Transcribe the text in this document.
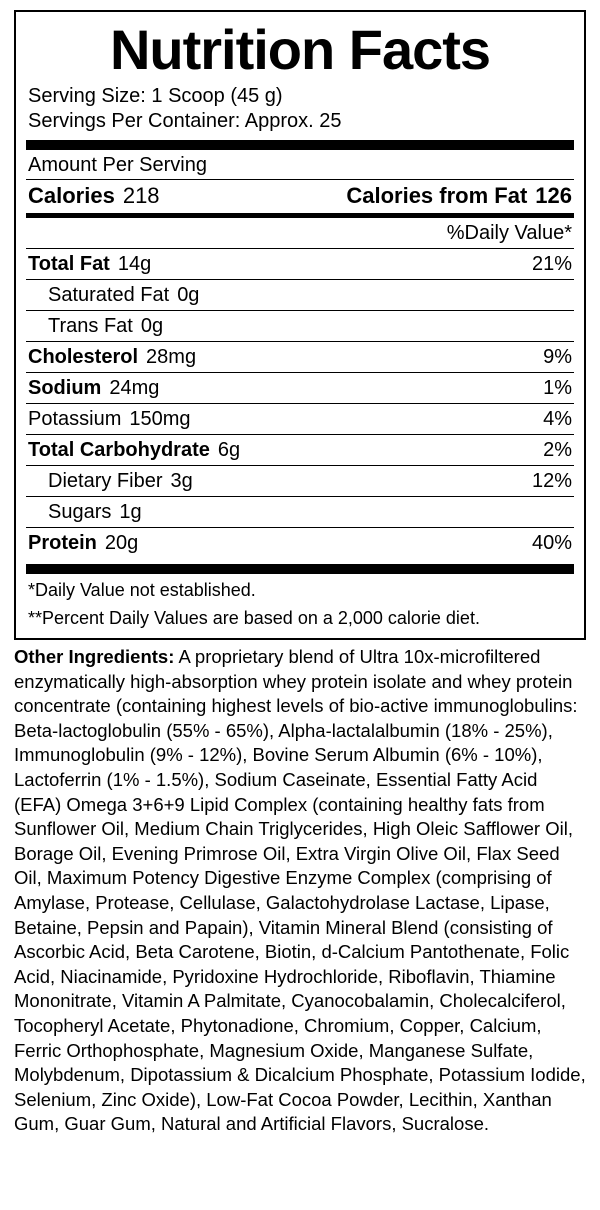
Nutrition Facts
Serving Size: 1 Scoop (45 g)
Servings Per Container: Approx. 25
Amount Per Serving
Calories 218	Calories from Fat 126
%Daily Value*
Total Fat 14g	21%
Saturated Fat 0g
Trans Fat 0g
Cholesterol 28mg	9%
Sodium 24mg	1%
Potassium 150mg	4%
Total Carbohydrate 6g	2%
Dietary Fiber 3g	12%
Sugars 1g
Protein 20g	40%
*Daily Value not established.
**Percent Daily Values are based on a 2,000 calorie diet.
Other Ingredients: A proprietary blend of Ultra 10x-microfiltered enzymatically high-absorption whey protein isolate and whey protein concentrate (containing highest levels of bio-active immunoglobulins: Beta-lactoglobulin (55% - 65%), Alpha-lactalalbumin (18% - 25%), Immunoglobulin (9% - 12%), Bovine Serum Albumin (6% - 10%), Lactoferrin (1% - 1.5%), Sodium Caseinate, Essential Fatty Acid (EFA) Omega 3+6+9 Lipid Complex (containing healthy fats from Sunflower Oil, Medium Chain Triglycerides, High Oleic Safflower Oil, Borage Oil, Evening Primrose Oil, Extra Virgin Olive Oil, Flax Seed Oil, Maximum Potency Digestive Enzyme Complex (comprising of Amylase, Protease, Cellulase, Galactohydrolase Lactase, Lipase, Betaine, Pepsin and Papain), Vitamin Mineral Blend (consisting of Ascorbic Acid, Beta Carotene, Biotin, d-Calcium Pantothenate, Folic Acid, Niacinamide, Pyridoxine Hydrochloride, Riboflavin, Thiamine Mononitrate, Vitamin A Palmitate, Cyanocobalamin, Cholecalciferol, Tocopheryl Acetate, Phytonadione, Chromium, Copper, Calcium, Ferric Orthophosphate, Magnesium Oxide, Manganese Sulfate, Molybdenum, Dipotassium & Dicalcium Phosphate, Potassium Iodide, Selenium, Zinc Oxide), Low-Fat Cocoa Powder, Lecithin, Xanthan Gum, Guar Gum, Natural and Artificial Flavors, Sucralose.
